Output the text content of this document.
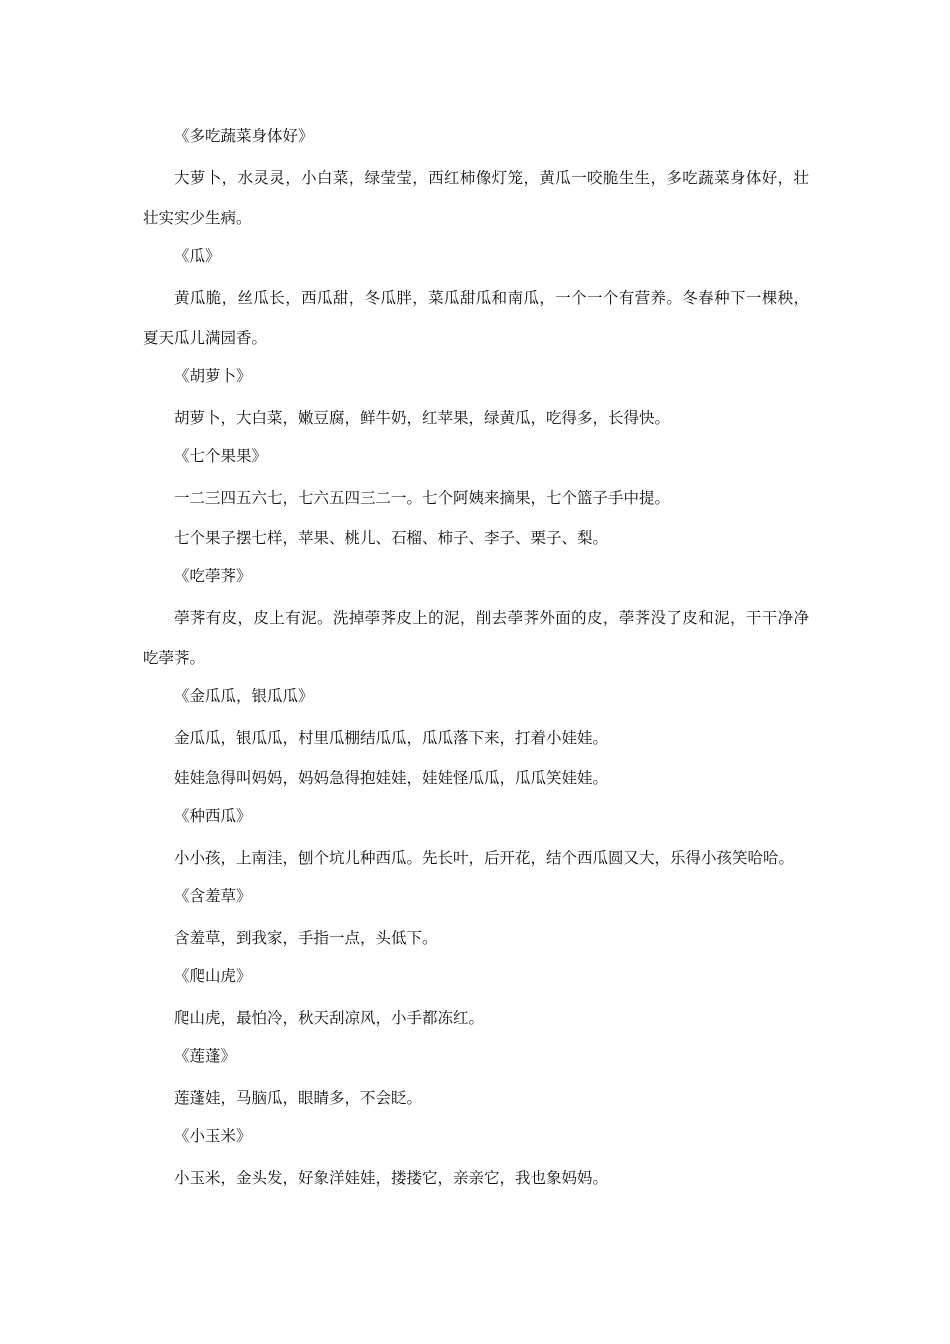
《多吃蔬菜身体好》

大萝卜，水灵灵，小白菜，绿莹莹，西红柿像灯笼，黄瓜一咬脆生生，多吃蔬菜身体好，壮壮实实少生病。

《瓜》

黄瓜脆，丝瓜长，西瓜甜，冬瓜胖，菜瓜甜瓜和南瓜，一个一个有营养。冬春种下一棵秧，夏天瓜儿满园香。

《胡萝卜》

胡萝卜，大白菜，嫩豆腐，鲜牛奶，红苹果，绿黄瓜，吃得多，长得快。

《七个果果》

一二三四五六七，七六五四三二一。七个阿姨来摘果，七个篮子手中提。

七个果子摆七样，苹果、桃儿、石榴、柿子、李子、栗子、梨。

《吃荸荠》

荸荠有皮，皮上有泥。洗掉荸荠皮上的泥，削去荸荠外面的皮，荸荠没了皮和泥，干干净净吃荸荠。

《金瓜瓜，银瓜瓜》

金瓜瓜，银瓜瓜，村里瓜棚结瓜瓜，瓜瓜落下来，打着小娃娃。

娃娃急得叫妈妈，妈妈急得抱娃娃，娃娃怪瓜瓜，瓜瓜笑娃娃。

《种西瓜》

小小孩，上南洼，刨个坑儿种西瓜。先长叶，后开花，结个西瓜圆又大，乐得小孩笑哈哈。

《含羞草》

含羞草，到我家，手指一点，头低下。

《爬山虎》

爬山虎，最怕冷，秋天刮凉风，小手都冻红。

《莲蓬》

莲蓬娃，马脑瓜，眼睛多，不会眨。

《小玉米》

小玉米，金头发，好象洋娃娃，搂搂它，亲亲它，我也象妈妈。
